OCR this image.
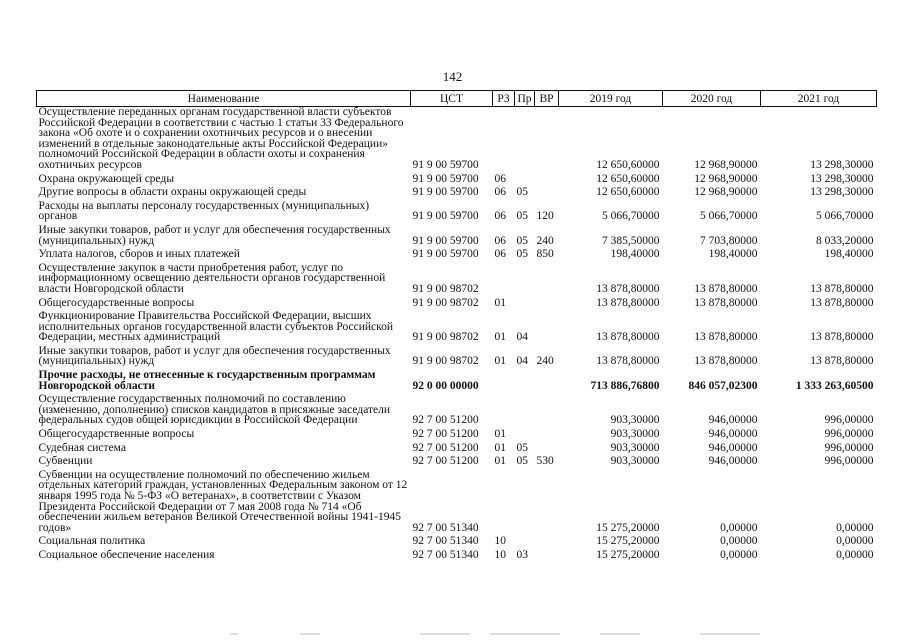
142
Наименование	ЦСТ	РЗ	Пр	ВР	2019 год	2020 год	2021 год
Осуществление переданных органам государственной власти субъектов Российской Федерации в соответствии с частью 1 статьи 33 Федерального закона «Об охоте и о сохранении охотничьих ресурсов и о внесении изменений в отдельные законодательные акты Российской Федерации» полномочий Российской Федерации в области охоты и сохранения охотничьих ресурсов	91 9 00 59700				12 650,60000	12 968,90000	13 298,30000
Охрана окружающей среды	91 9 00 59700	06			12 650,60000	12 968,90000	13 298,30000
Другие вопросы в области охраны окружающей среды	91 9 00 59700	06	05		12 650,60000	12 968,90000	13 298,30000
Расходы на выплаты персоналу государственных (муниципальных) органов	91 9 00 59700	06	05	120	5 066,70000	5 066,70000	5 066,70000
Иные закупки товаров, работ и услуг для обеспечения государственных (муниципальных) нужд	91 9 00 59700	06	05	240	7 385,50000	7 703,80000	8 033,20000
Уплата налогов, сборов и иных платежей	91 9 00 59700	06	05	850	198,40000	198,40000	198,40000
Осуществление закупок в части приобретения работ, услуг по информационному освещению деятельности органов государственной власти Новгородской области	91 9 00 98702				13 878,80000	13 878,80000	13 878,80000
Общегосударственные вопросы	91 9 00 98702	01			13 878,80000	13 878,80000	13 878,80000
Функционирование Правительства Российской Федерации, высших исполнительных органов государственной власти субъектов Российской Федерации, местных администраций	91 9 00 98702	01	04		13 878,80000	13 878,80000	13 878,80000
Иные закупки товаров, работ и услуг для обеспечения государственных (муниципальных) нужд	91 9 00 98702	01	04	240	13 878,80000	13 878,80000	13 878,80000
Прочие расходы, не отнесенные к государственным программам Новгородской области	92 0 00 00000				713 886,76800	846 057,02300	1 333 263,60500
Осуществление государственных полномочий по составлению (изменению, дополнению) списков кандидатов в присяжные заседатели федеральных судов общей юрисдикции в Российской Федерации	92 7 00 51200				903,30000	946,00000	996,00000
Общегосударственные вопросы	92 7 00 51200	01			903,30000	946,00000	996,00000
Судебная система	92 7 00 51200	01	05		903,30000	946,00000	996,00000
Субвенции	92 7 00 51200	01	05	530	903,30000	946,00000	996,00000
Субвенции на осуществление полномочий по обеспечению жильем отдельных категорий граждан, установленных Федеральным законом от 12 января 1995 года № 5-ФЗ «О ветеранах», в соответствии с Указом Президента Российской Федерации от 7 мая 2008 года № 714 «Об обеспечении жильем ветеранов Великой Отечественной войны 1941-1945 годов»	92 7 00 51340				15 275,20000	0,00000	0,00000
Социальная политика	92 7 00 51340	10			15 275,20000	0,00000	0,00000
Социальное обеспечение населения	92 7 00 51340	10	03		15 275,20000	0,00000	0,00000
